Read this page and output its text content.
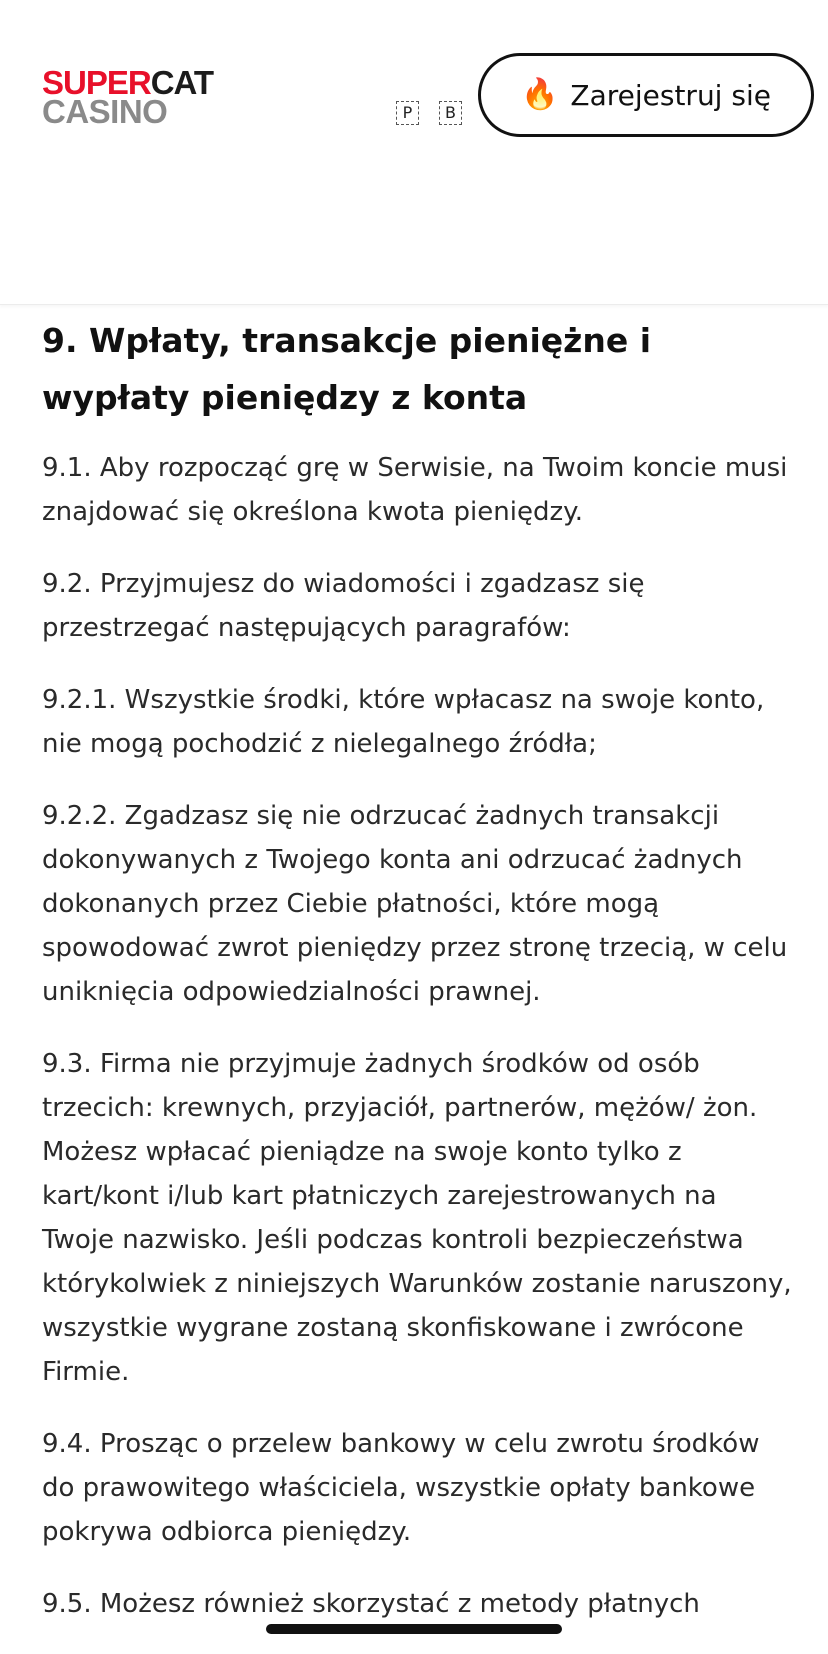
SUPERCAT
CASINO	P	B
🔥 Zarejestruj się
9. Wpłaty, transakcje pieniężne i wypłaty pieniędzy z konta

9.1. Aby rozpocząć grę w Serwisie, na Twoim koncie musi znajdować się określona kwota pieniędzy.

9.2. Przyjmujesz do wiadomości i zgadzasz się przestrzegać następujących paragrafów:

9.2.1. Wszystkie środki, które wpłacasz na swoje konto, nie mogą pochodzić z nielegalnego źródła;

9.2.2. Zgadzasz się nie odrzucać żadnych transakcji dokonywanych z Twojego konta ani odrzucać żadnych dokonanych przez Ciebie płatności, które mogą spowodować zwrot pieniędzy przez stronę trzecią, w celu uniknięcia odpowiedzialności prawnej.

9.3. Firma nie przyjmuje żadnych środków od osób trzecich: krewnych, przyjaciół, partnerów, mężów/ żon. Możesz wpłacać pieniądze na swoje konto tylko z kart/kont i/lub kart płatniczych zarejestrowanych na Twoje nazwisko. Jeśli podczas kontroli bezpieczeństwa którykolwiek z niniejszych Warunków zostanie naruszony, wszystkie wygrane zostaną skonfiskowane i zwrócone Firmie.

9.4. Prosząc o przelew bankowy w celu zwrotu środków do prawowitego właściciela, wszystkie opłaty bankowe pokrywa odbiorca pieniędzy.

9.5. Możesz również skorzystać z metody płatnych
